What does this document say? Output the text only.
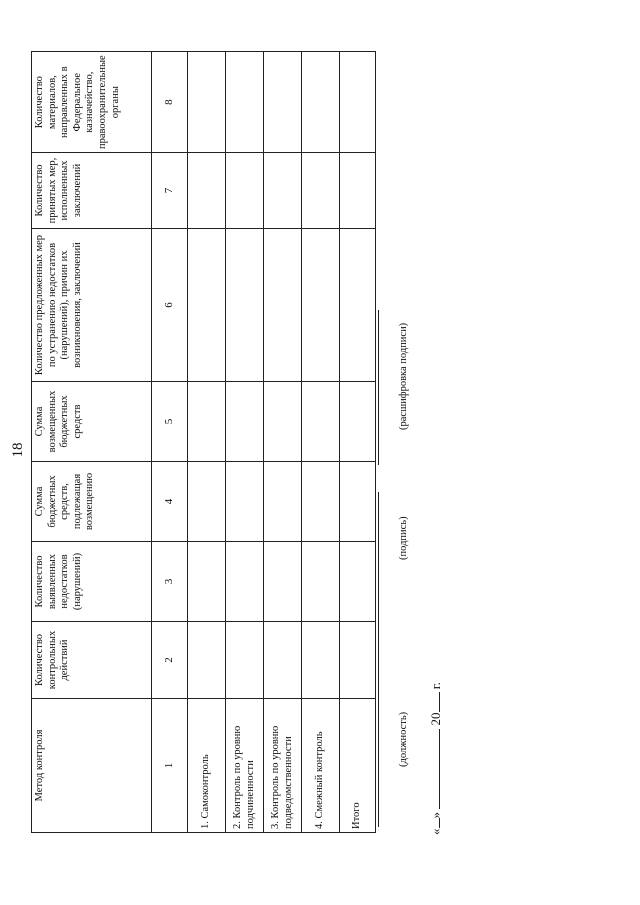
18
Метод контроля	Количество контрольных действий	Количество выявленных недостатков (нарушений)	Сумма бюджетных средств, подлежащая возмещению	Сумма возмещенных бюджетных средств	Количество предложенных мер по устранению недостатков (нарушений), причин их возникновения, заключений	Количество принятых мер, исполненных заключений	Количество материалов, направленных в Федеральное казначейство, правоохранительные органы
1	2	3	4	5	6	7	8
1. Самоконтроль							
2. Контроль по уровню подчиненности							
3. Контроль по уровню подведомственности							
4. Смежный контроль							
Итого							
(должность)
(подпись)
(расшифровка подписи)
«»  20 г.
